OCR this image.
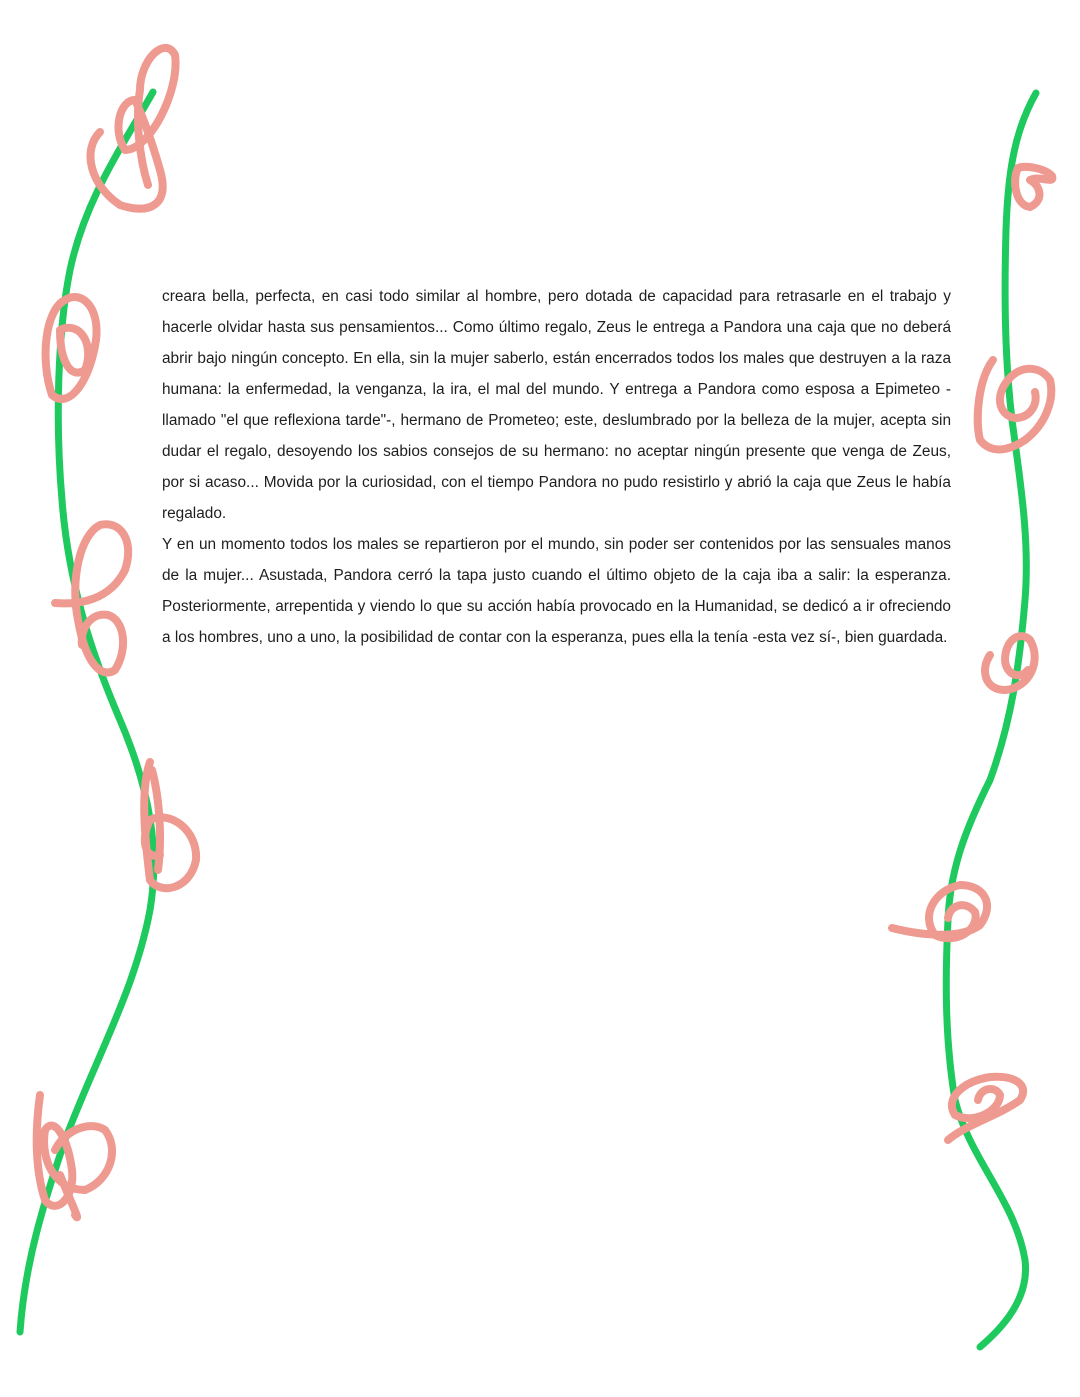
creara bella, perfecta, en casi todo similar al hombre, pero dotada de capacidad para retrasarle en el trabajo y hacerle olvidar hasta sus pensamientos... Como último regalo, Zeus le entrega a Pandora una caja que no deberá abrir bajo ningún concepto. En ella, sin la mujer saberlo, están encerrados todos los males que destruyen a la raza humana: la enfermedad, la venganza, la ira, el mal del mundo. Y entrega a Pandora como esposa a Epimeteo -llamado "el que reflexiona tarde"-, hermano de Prometeo; este, deslumbrado por la belleza de la mujer, acepta sin dudar el regalo, desoyendo los sabios consejos de su hermano: no aceptar ningún presente que venga de Zeus, por si acaso... Movida por la curiosidad, con el tiempo Pandora no pudo resistirlo y abrió la caja que Zeus le había regalado.

Y en un momento todos los males se repartieron por el mundo, sin poder ser contenidos por las sensuales manos de la mujer... Asustada, Pandora cerró la tapa justo cuando el último objeto de la caja iba a salir: la esperanza. Posteriormente, arrepentida y viendo lo que su acción había provocado en la Humanidad, se dedicó a ir ofreciendo a los hombres, uno a uno, la posibilidad de contar con la esperanza, pues ella la tenía -esta vez sí-, bien guardada.
